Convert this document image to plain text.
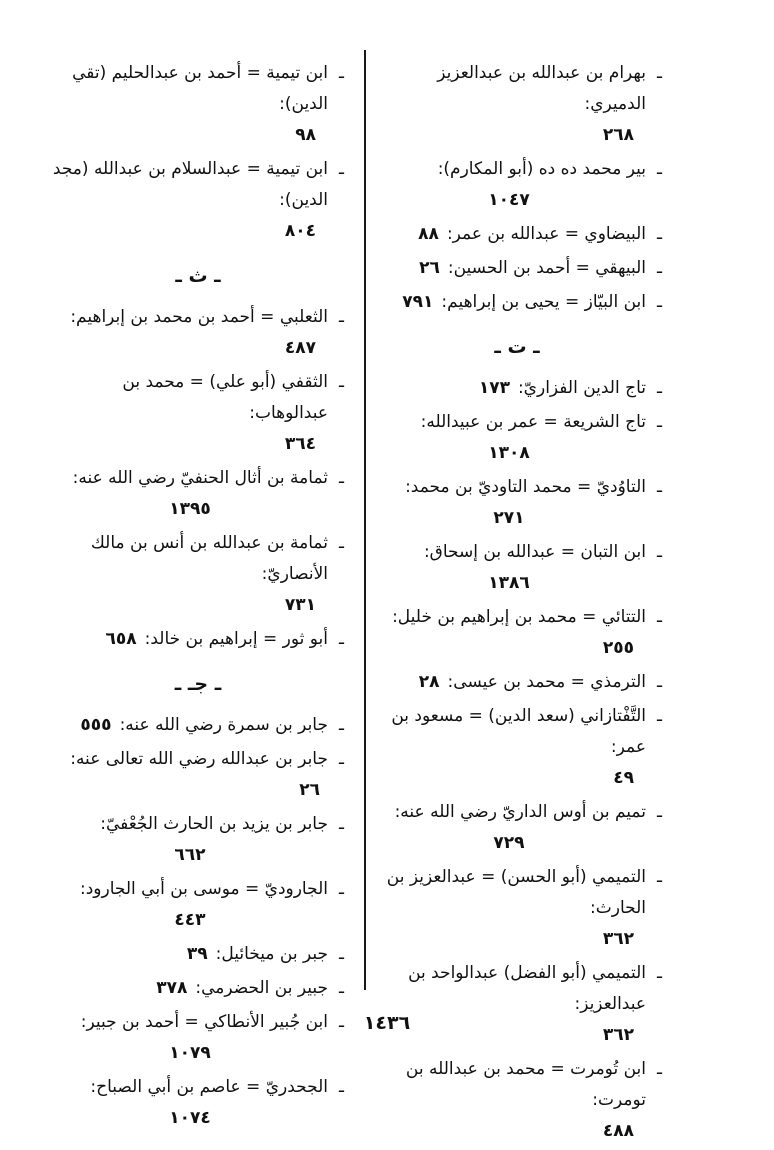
ـ
بهرام بن عبدالله بن عبدالعزيز الدميري:
٢٦٨
ـ
بير محمد ده ده (أبو المكارم):
١٠٤٧
ـ
البيضاوي = عبدالله بن عمر:٨٨
ـ
البيهقي = أحمد بن الحسين:٢٦
ـ
ابن البيّاز = يحيى بن إبراهيم:٧٩١
ـ ت ـ
ـ
تاج الدين الفزاريّ:١٧٣
ـ
تاج الشريعة = عمر بن عبيدالله:
١٣٠٨
ـ
التاوُديّ = محمد التاوديّ بن محمد:
٢٧١
ـ
ابن التبان = عبدالله بن إسحاق:
١٣٨٦
ـ
التتائي = محمد بن إبراهيم بن خليل:
٢٥٥
ـ
الترمذي = محمد بن عيسى:٢٨
ـ
التَّفْتازاني (سعد الدين) = مسعود بن عمر:
٤٩
ـ
تميم بن أوس الداريّ رضي الله عنه:
٧٢٩
ـ
التميمي (أبو الحسن) = عبدالعزيز بن الحارث:
٣٦٢
ـ
التميمي (أبو الفضل) عبدالواحد بن عبدالعزيز:
٣٦٢
ـ
ابن تُومرت = محمد بن عبدالله بن تومرت:
٤٨٨
ـ
ابن تيمية = أحمد بن عبدالحليم (تقي الدين):
٩٨
ـ
ابن تيمية = عبدالسلام بن عبدالله (مجد الدين):
٨٠٤
ـ ث ـ
ـ
الثعلبي = أحمد بن محمد بن إبراهيم:
٤٨٧
ـ
الثقفي (أبو علي) = محمد بن عبدالوهاب:
٣٦٤
ـ
ثمامة بن أثال الحنفيّ رضي الله عنه:
١٣٩٥
ـ
ثمامة بن عبدالله بن أنس بن مالك الأنصاريّ:
٧٣١
ـ
أبو ثور = إبراهيم بن خالد:٦٥٨
ـ جـ ـ
ـ
جابر بن سمرة رضي الله عنه:٥٥٥
ـ
جابر بن عبدالله رضي الله تعالى عنه:٢٦
ـ
جابر بن يزيد بن الحارث الجُعْفيّ:
٦٦٢
ـ
الجاروديّ = موسى بن أبي الجارود:
٤٤٣
ـ
جبر بن ميخائيل:٣٩
ـ
جبير بن الحضرمي:٣٧٨
ـ
ابن جُبير الأنطاكي = أحمد بن جبير:
١٠٧٩
ـ
الجحدريّ = عاصم بن أبي الصباح:
١٠٧٤
١٤٣٦
